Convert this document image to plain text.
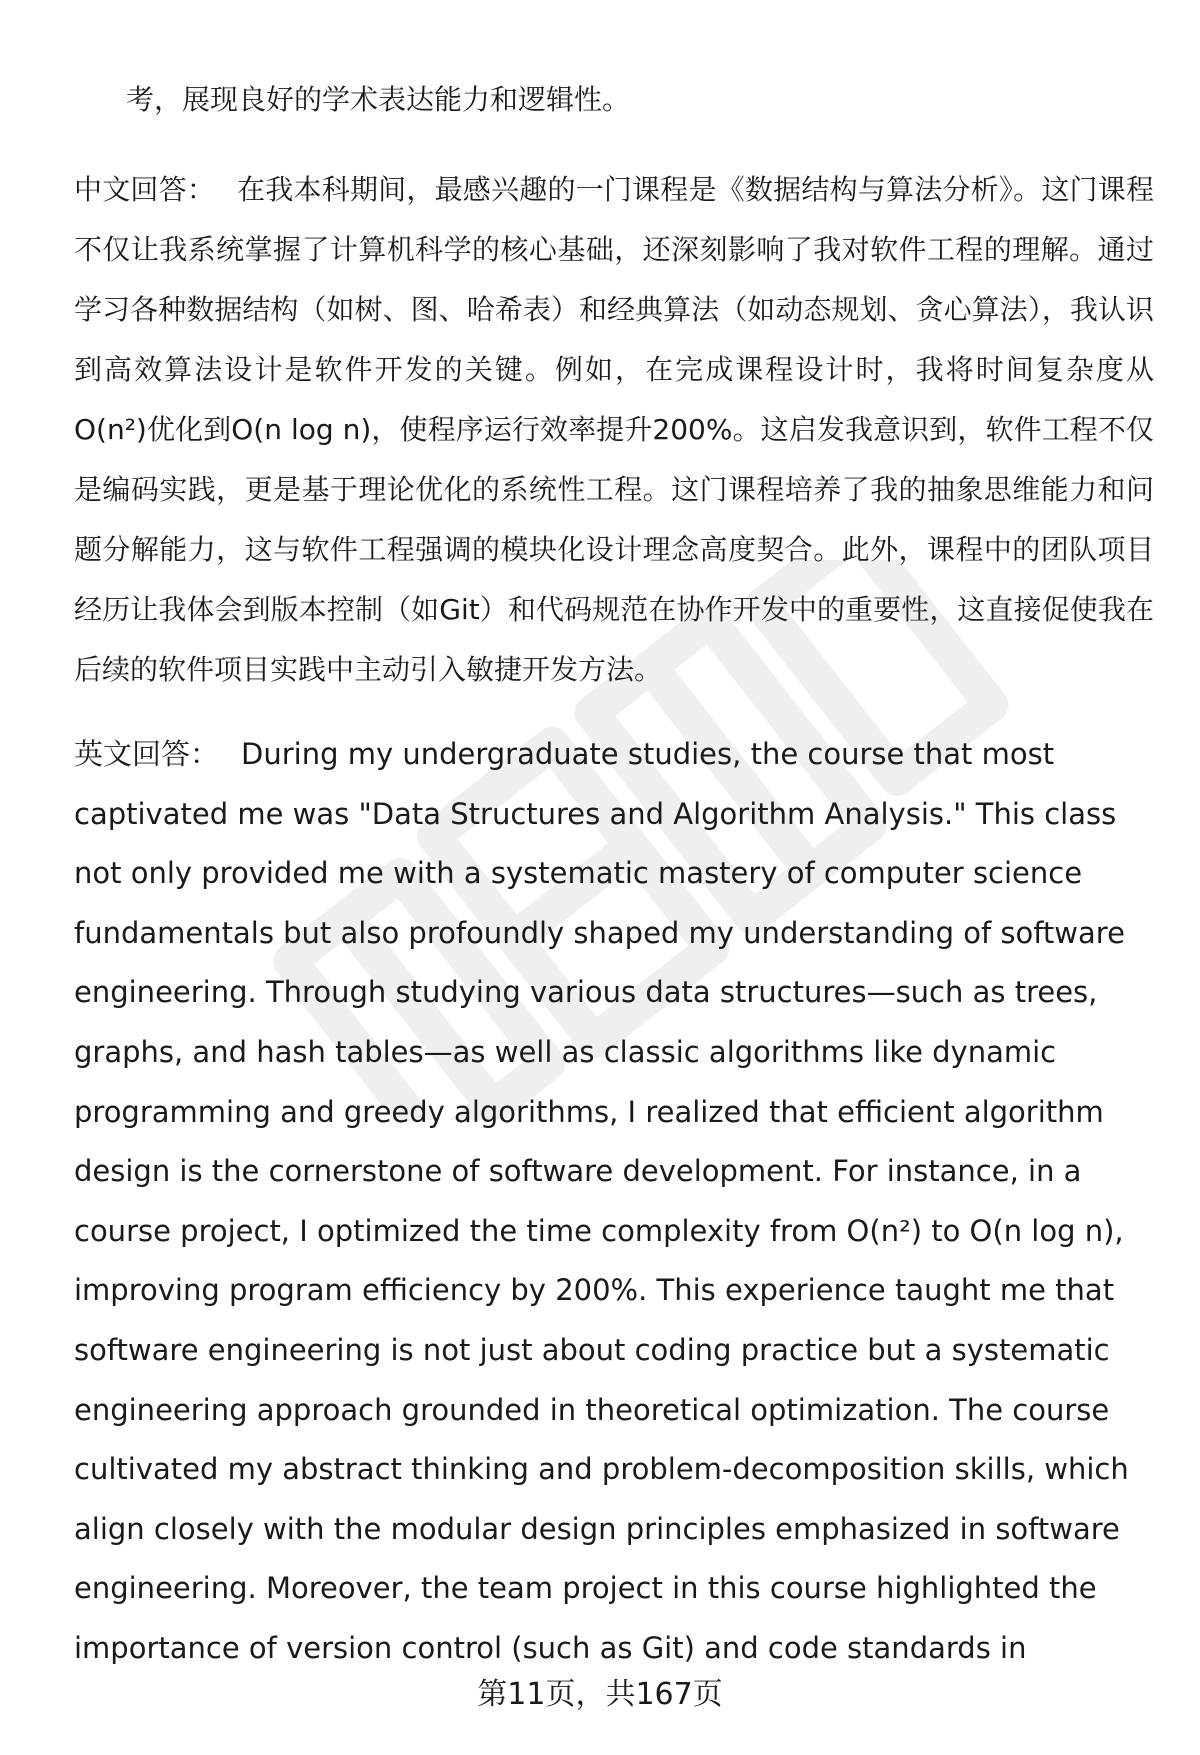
考，展现良好的学术表达能力和逻辑性。
中文回答： 在我本科期间，最感兴趣的一门课程是《数据结构与算法分析》。这门课程不仅让我系统掌握了计算机科学的核心基础，还深刻影响了我对软件工程的理解。通过学习各种数据结构（如树、图、哈希表）和经典算法（如动态规划、贪心算法），我认识到高效算法设计是软件开发的关键。例如，在完成课程设计时，我将时间复杂度从O(n²)优化到O(n log n)，使程序运行效率提升200%。这启发我意识到，软件工程不仅是编码实践，更是基于理论优化的系统性工程。这门课程培养了我的抽象思维能力和问题分解能力，这与软件工程强调的模块化设计理念高度契合。此外，课程中的团队项目经历让我体会到版本控制（如Git）和代码规范在协作开发中的重要性，这直接促使我在后续的软件项目实践中主动引入敏捷开发方法。
英文回答： During my undergraduate studies, the course that most captivated me was "Data Structures and Algorithm Analysis." This class not only provided me with a systematic mastery of computer science fundamentals but also profoundly shaped my understanding of software engineering. Through studying various data structures—such as trees, graphs, and hash tables—as well as classic algorithms like dynamic programming and greedy algorithms, I realized that efficient algorithm design is the cornerstone of software development. For instance, in a course project, I optimized the time complexity from O(n²) to O(n log n), improving program efficiency by 200%. This experience taught me that software engineering is not just about coding practice but a systematic engineering approach grounded in theoretical optimization. The course cultivated my abstract thinking and problem-decomposition skills, which align closely with the modular design principles emphasized in software engineering. Moreover, the team project in this course highlighted the importance of version control (such as Git) and code standards in
第11页，共167页
